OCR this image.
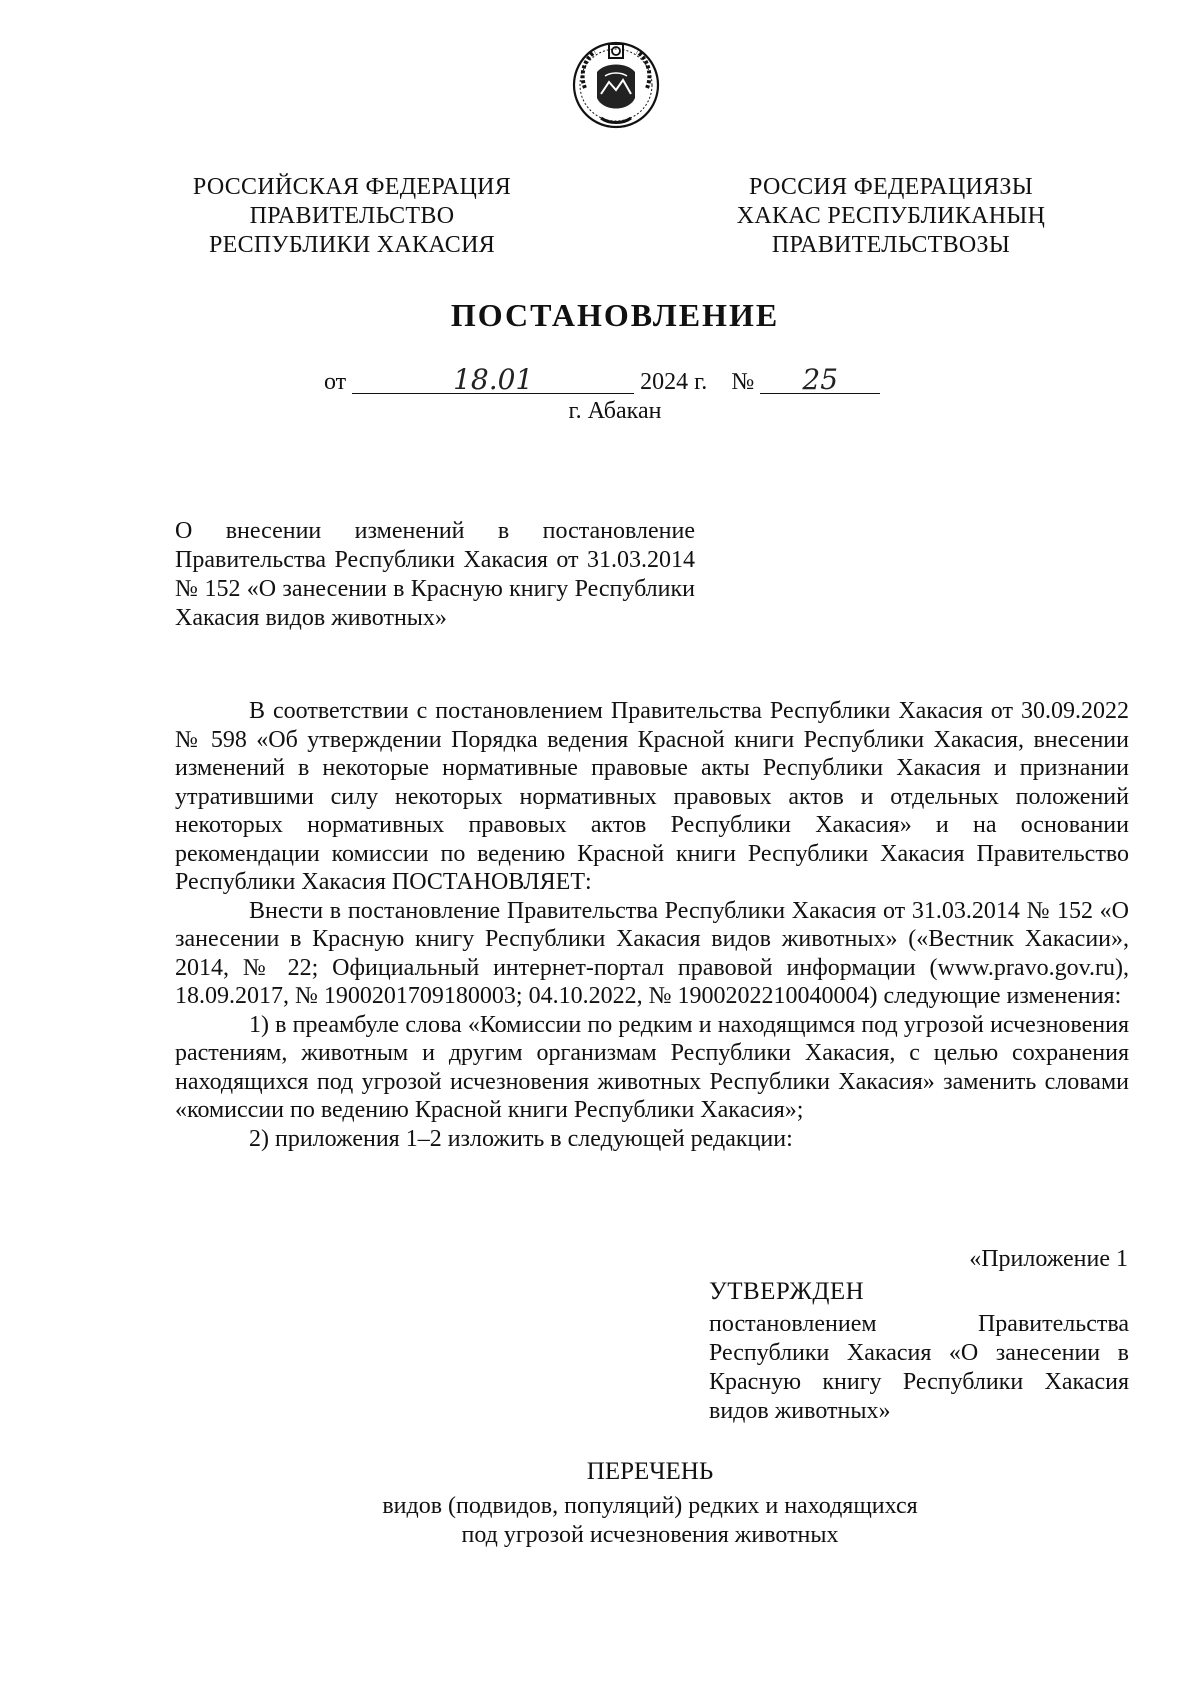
РОССИЙСКАЯ ФЕДЕРАЦИЯ
ПРАВИТЕЛЬСТВО
РЕСПУБЛИКИ ХАКАСИЯ
РОССИЯ ФЕДЕРАЦИЯЗЫ
ХАКАС РЕСПУБЛИКАНЫҢ
ПРАВИТЕЛЬСТВОЗЫ
ПОСТАНОВЛЕНИЕ
от	18.01	2024 г. № 25
г. Абакан

О внесении изменений в постановление Правительства Республики Хакасия от 31.03.2014 № 152 «О занесении в Красную книгу Республики Хакасия видов животных»

В соответствии с постановлением Правительства Республики Хакасия от 30.09.2022 № 598 «Об утверждении Порядка ведения Красной книги Республики Хакасия, внесении изменений в некоторые нормативные правовые акты Республики Хакасия и признании утратившими силу некоторых нормативных правовых актов и отдельных положений некоторых нормативных правовых актов Республики Хакасия» и на основании рекомендации комиссии по ведению Красной книги Республики Хакасия Правительство Республики Хакасия ПОСТАНОВЛЯЕТ:

Внести в постановление Правительства Республики Хакасия от 31.03.2014 № 152 «О занесении в Красную книгу Республики Хакасия видов животных» («Вестник Хакасии», 2014, № 22; Официальный интернет-портал правовой информации (www.pravo.gov.ru), 18.09.2017, № 1900201709180003; 04.10.2022, № 1900202210040004) следующие изменения:

1) в преамбуле слова «Комиссии по редким и находящимся под угрозой исчезновения растениям, животным и другим организмам Республики Хакасия, с целью сохранения находящихся под угрозой исчезновения животных Республики Хакасия» заменить словами «комиссии по ведению Красной книги Республики Хакасия»;

2) приложения 1–2 изложить в следующей редакции:

«Приложение 1
УТВЕРЖДЕН
постановлением Правительства Республики Хакасия «О занесении в Красную книгу Республики Хакасия видов животных»
ПЕРЕЧЕНЬ
видов (подвидов, популяций) редких и находящихся
под угрозой исчезновения животных
